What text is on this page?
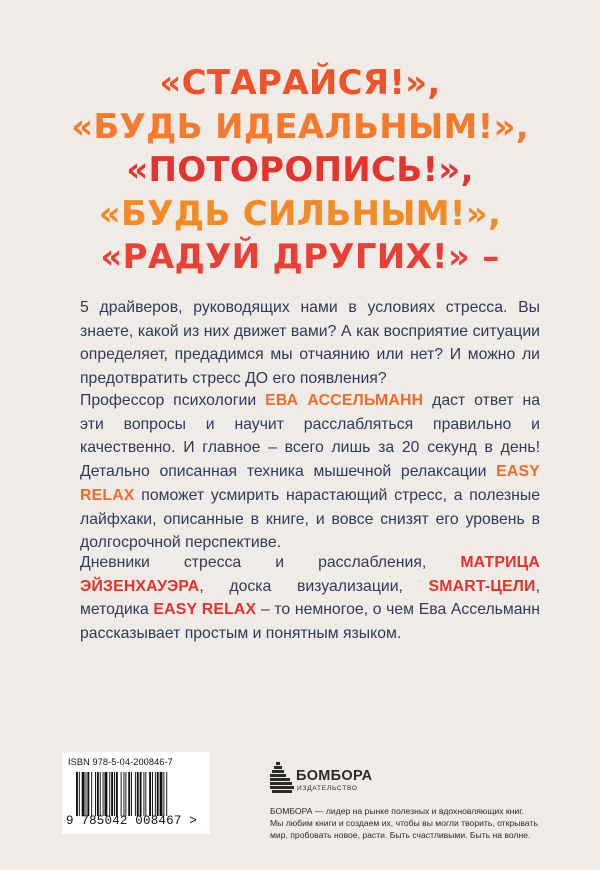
«СТАРАЙСЯ!»,
«БУДЬ ИДЕАЛЬНЫМ!»,
«ПОТОРОПИСЬ!»,
«БУДЬ СИЛЬНЫМ!»,
«РАДУЙ ДРУГИХ!» –
5 драйверов, руководящих нами в условиях стресса. Вы знаете, какой из них движет вами? А как восприятие ситуации определяет, предадимся мы отчаянию или нет? И можно ли предотвратить стресс ДО его появления?
Профессор психологии ЕВА АССЕЛЬМАНН даст ответ на эти вопросы и научит расслабляться правильно и качественно. И главное – всего лишь за 20 секунд в день! Детально описанная техника мышечной релаксации EASY RELAX поможет усмирить нарастающий стресс, а полезные лайфхаки, описанные в книге, и вовсе снизят его уровень в долгосрочной перспективе.
Дневники стресса и расслабления, МАТРИЦА ЭЙЗЕНХАУЭРА, доска визуализации, SMART-ЦЕЛИ, методика EASY RELAX – то немногое, о чем Ева Ассельманн рассказывает простым и понятным языком.
ISBN 978-5-04-200846-7
9 785042 008467 >
БОМБОРА
ИЗДАТЕЛЬСТВО
БОМБОРА — лидер на рынке полезных и вдохновляющих книг.
Мы любим книги и создаем их, чтобы вы могли творить, открывать
мир, пробовать новое, расти. Быть счастливыми. Быть на волне.
